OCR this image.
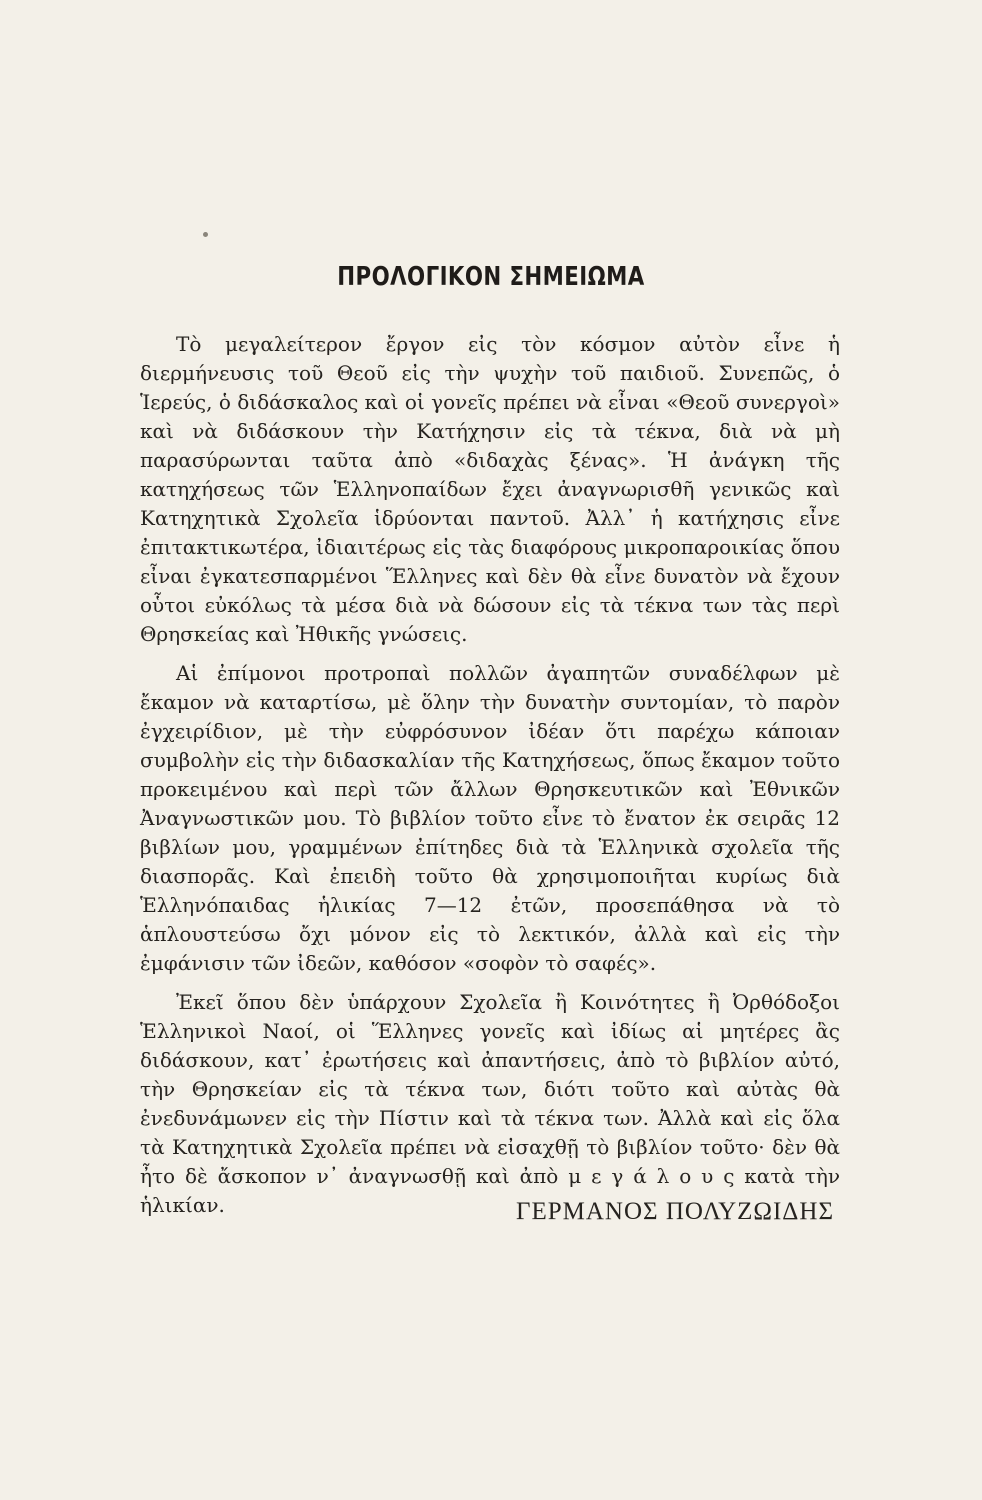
ΠΡΟΛΟΓΙΚΟΝ ΣΗΜΕΙΩΜΑ

Τὸ μεγαλείτερον ἔργον εἰς τὸν κόσμον αὐτὸν εἶνε ἡ διερμήνευσις τοῦ Θεοῦ εἰς τὴν ψυχὴν τοῦ παιδιοῦ. Συνεπῶς, ὁ Ἱερεύς, ὁ διδάσκαλος καὶ οἱ γονεῖς πρέπει νὰ εἶναι «Θεοῦ συνεργοὶ» καὶ νὰ διδάσκουν τὴν Κατήχησιν εἰς τὰ τέκνα, διὰ νὰ μὴ παρασύρωνται ταῦτα ἀπὸ «διδαχὰς ξένας». Ἡ ἀνάγκη τῆς κατηχήσεως τῶν Ἑλληνοπαίδων ἔχει ἀναγνωρισθῆ γενικῶς καὶ Κατηχητικὰ Σχολεῖα ἱδρύονται παντοῦ. Ἀλλ᾽ ἡ κατήχησις εἶνε ἐπιτακτικωτέρα, ἰδιαιτέρως εἰς τὰς διαφόρους μικροπαροικίας ὅπου εἶναι ἐγκατεσπαρμένοι Ἕλληνες καὶ δὲν θὰ εἶνε δυνατὸν νὰ ἔχουν οὗτοι εὐκόλως τὰ μέσα διὰ νὰ δώσουν εἰς τὰ τέκνα των τὰς περὶ Θρησκείας καὶ Ἠθικῆς γνώσεις.

Αἱ ἐπίμονοι προτροπαὶ πολλῶν ἀγαπητῶν συναδέλφων μὲ ἔκαμον νὰ καταρτίσω, μὲ ὅλην τὴν δυνατὴν συντομίαν, τὸ παρὸν ἐγχειρίδιον, μὲ τὴν εὐφρόσυνον ἰδέαν ὅτι παρέχω κάποιαν συμβολὴν εἰς τὴν διδασκαλίαν τῆς Κατηχήσεως, ὅπως ἔκαμον τοῦτο προκειμένου καὶ περὶ τῶν ἄλλων Θρησκευτικῶν καὶ Ἐθνικῶν Ἀναγνωστικῶν μου. Τὸ βιβλίον τοῦτο εἶνε τὸ ἔνατον ἐκ σειρᾶς 12 βιβλίων μου, γραμμένων ἐπίτηδες διὰ τὰ Ἑλληνικὰ σχολεῖα τῆς διασπορᾶς. Καὶ ἐπειδὴ τοῦτο θὰ χρησιμοποιῆται κυρίως διὰ Ἑλληνόπαιδας ἡλικίας 7—12 ἐτῶν, προσεπάθησα νὰ τὸ ἁπλουστεύσω ὄχι μόνον εἰς τὸ λεκτικόν, ἀλλὰ καὶ εἰς τὴν ἐμφάνισιν τῶν ἰδεῶν, καθόσον «σοφὸν τὸ σαφές».

Ἐκεῖ ὅπου δὲν ὑπάρχουν Σχολεῖα ἢ Κοινότητες ἢ Ὀρθόδοξοι Ἑλληνικοὶ Ναοί, οἱ Ἕλληνες γονεῖς καὶ ἰδίως αἱ μητέρες ἂς διδάσκουν, κατ᾽ ἐρωτήσεις καὶ ἀπαντήσεις, ἀπὸ τὸ βιβλίον αὐτό, τὴν Θρησκείαν εἰς τὰ τέκνα των, διότι τοῦτο καὶ αὐτὰς θὰ ἐνεδυνάμωνεν εἰς τὴν Πίστιν καὶ τὰ τέκνα των. Ἀλλὰ καὶ εἰς ὅλα τὰ Κατηχητικὰ Σχολεῖα πρέπει νὰ εἰσαχθῇ τὸ βιβλίον τοῦτο· δὲν θὰ ἦτο δὲ ἄσκοπον ν᾽ ἀναγνωσθῇ καὶ ἀπὸ μ ε γ ά λ ο υ ς κατὰ τὴν ἡλικίαν.	ΓΕΡΜΑΝΟΣ ΠΟΛΥΖΩΙΔΗΣ
